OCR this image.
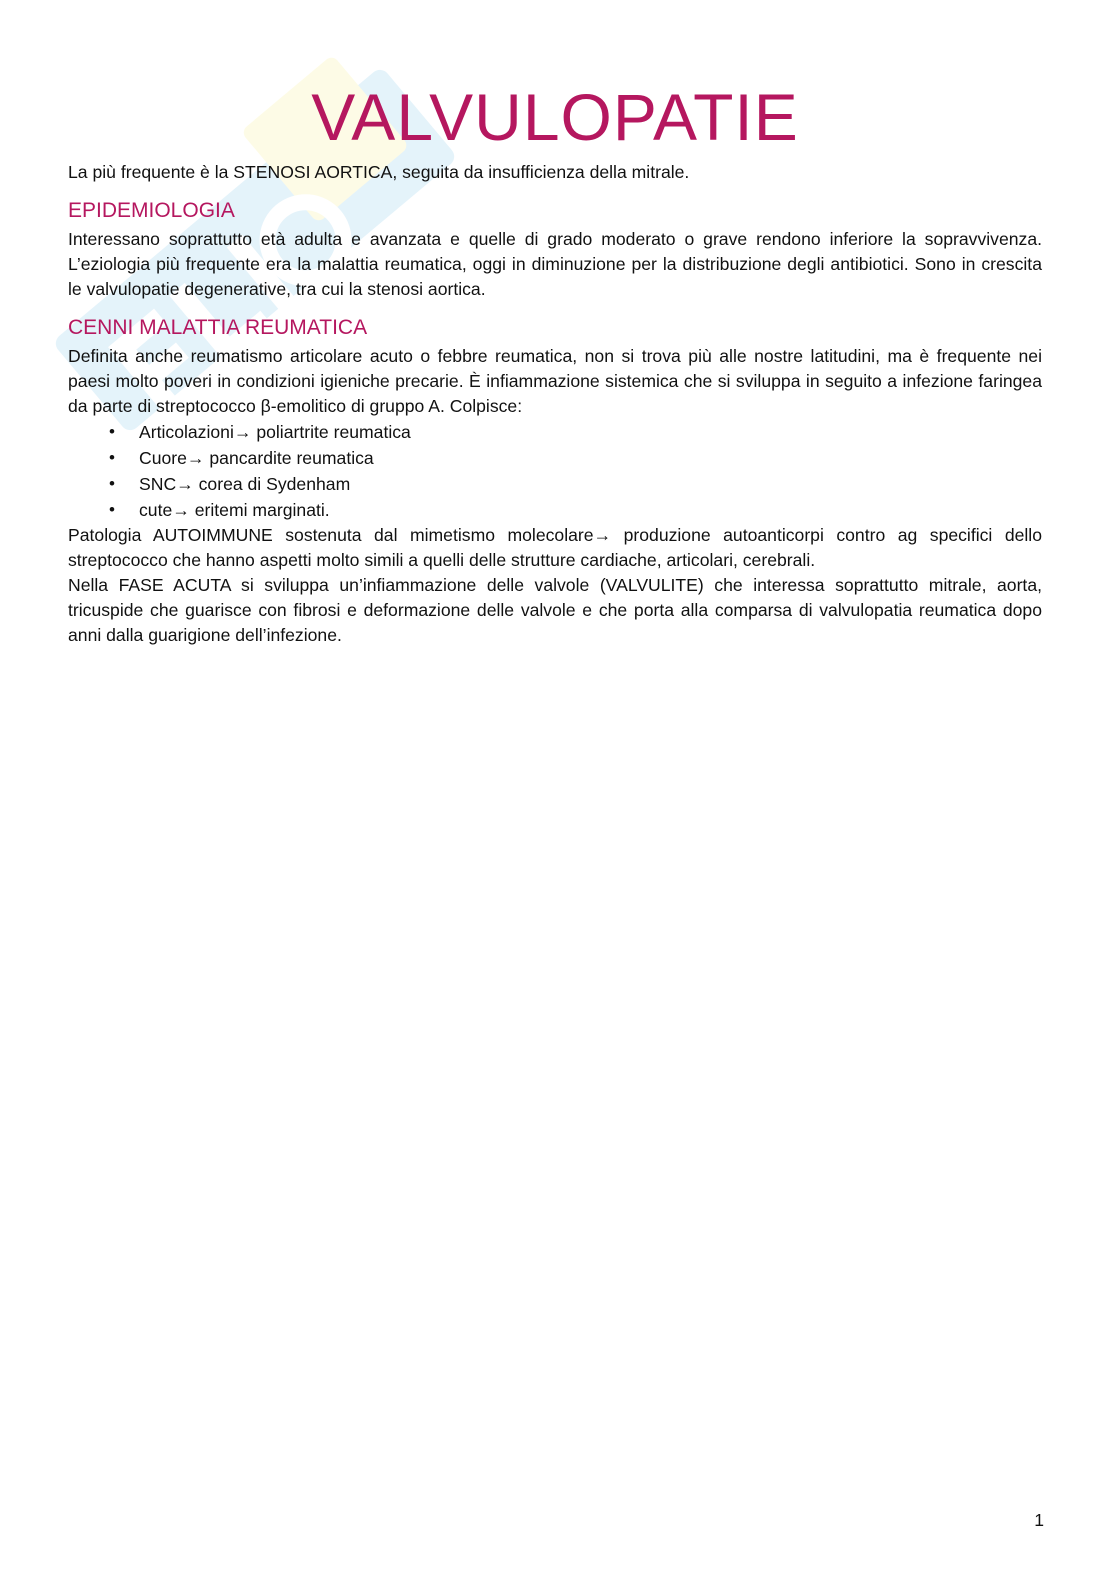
VALVULOPATIE

La più frequente è la STENOSI AORTICA, seguita da insufficienza della mitrale.

EPIDEMIOLOGIA

Interessano soprattutto età adulta e avanzata e quelle di grado moderato o grave rendono inferiore la sopravvivenza. L’eziologia più frequente era la malattia reumatica, oggi in diminuzione per la distribuzione degli antibiotici. Sono in crescita le valvulopatie degenerative, tra cui la stenosi aortica.

CENNI MALATTIA REUMATICA

Definita anche reumatismo articolare acuto o febbre reumatica, non si trova più alle nostre latitudini, ma è frequente nei paesi molto poveri in condizioni igieniche precarie. È infiammazione sistemica che si sviluppa in seguito a infezione faringea da parte di streptococco β-emolitico di gruppo A. Colpisce:

• Articolazioni→ poliartrite reumatica
• Cuore→ pancardite reumatica
• SNC→ corea di Sydenham
• cute→ eritemi marginati.

Patologia AUTOIMMUNE sostenuta dal mimetismo molecolare→ produzione autoanticorpi contro ag specifici dello streptococco che hanno aspetti molto simili a quelli delle strutture cardiache, articolari, cerebrali.

Nella FASE ACUTA si sviluppa un’infiammazione delle valvole (VALVULITE) che interessa soprattutto mitrale, aorta, tricuspide che guarisce con fibrosi e deformazione delle valvole e che porta alla comparsa di valvulopatia reumatica dopo anni dalla guarigione dell’infezione.

1
